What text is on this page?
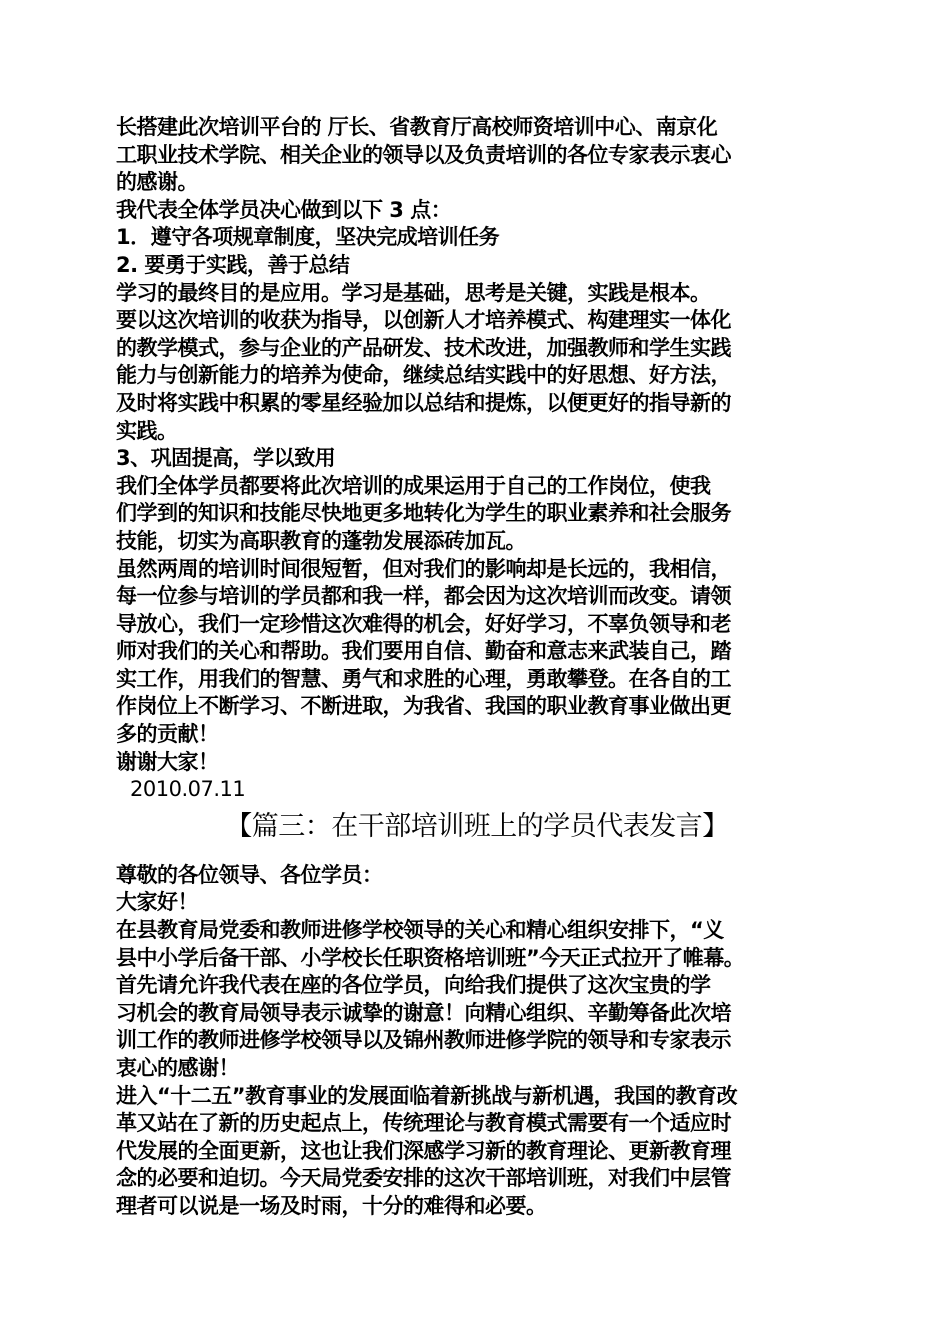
长搭建此次培训平台的 厅长、省教育厅高校师资培训中心、南京化
工职业技术学院、相关企业的领导以及负责培训的各位专家表示衷心
的感谢。
我代表全体学员决心做到以下 3 点：
1．遵守各项规章制度，坚决完成培训任务
2. 要勇于实践，善于总结
学习的最终目的是应用。学习是基础，思考是关键，实践是根本。
要以这次培训的收获为指导，以创新人才培养模式、构建理实一体化
的教学模式，参与企业的产品研发、技术改进，加强教师和学生实践
能力与创新能力的培养为使命，继续总结实践中的好思想、好方法，
及时将实践中积累的零星经验加以总结和提炼，以便更好的指导新的
实践。
3、巩固提高，学以致用
我们全体学员都要将此次培训的成果运用于自己的工作岗位，使我
们学到的知识和技能尽快地更多地转化为学生的职业素养和社会服务
技能，切实为高职教育的蓬勃发展添砖加瓦。
虽然两周的培训时间很短暂，但对我们的影响却是长远的，我相信，
每一位参与培训的学员都和我一样，都会因为这次培训而改变。请领
导放心，我们一定珍惜这次难得的机会，好好学习，不辜负领导和老
师对我们的关心和帮助。我们要用自信、勤奋和意志来武装自己，踏
实工作，用我们的智慧、勇气和求胜的心理，勇敢攀登。在各自的工
作岗位上不断学习、不断进取，为我省、我国的职业教育事业做出更
多的贡献！
谢谢大家！
2010.07.11
【篇三：在干部培训班上的学员代表发言】
尊敬的各位领导、各位学员：
大家好！
在县教育局党委和教师进修学校领导的关心和精心组织安排下，“义
县中小学后备干部、小学校长任职资格培训班”今天正式拉开了帷幕。
首先请允许我代表在座的各位学员，向给我们提供了这次宝贵的学
习机会的教育局领导表示诚挚的谢意！向精心组织、辛勤筹备此次培
训工作的教师进修学校领导以及锦州教师进修学院的领导和专家表示
衷心的感谢！
进入“十二五”教育事业的发展面临着新挑战与新机遇，我国的教育改
革又站在了新的历史起点上，传统理论与教育模式需要有一个适应时
代发展的全面更新，这也让我们深感学习新的教育理论、更新教育理
念的必要和迫切。今天局党委安排的这次干部培训班，对我们中层管
理者可以说是一场及时雨，十分的难得和必要。
